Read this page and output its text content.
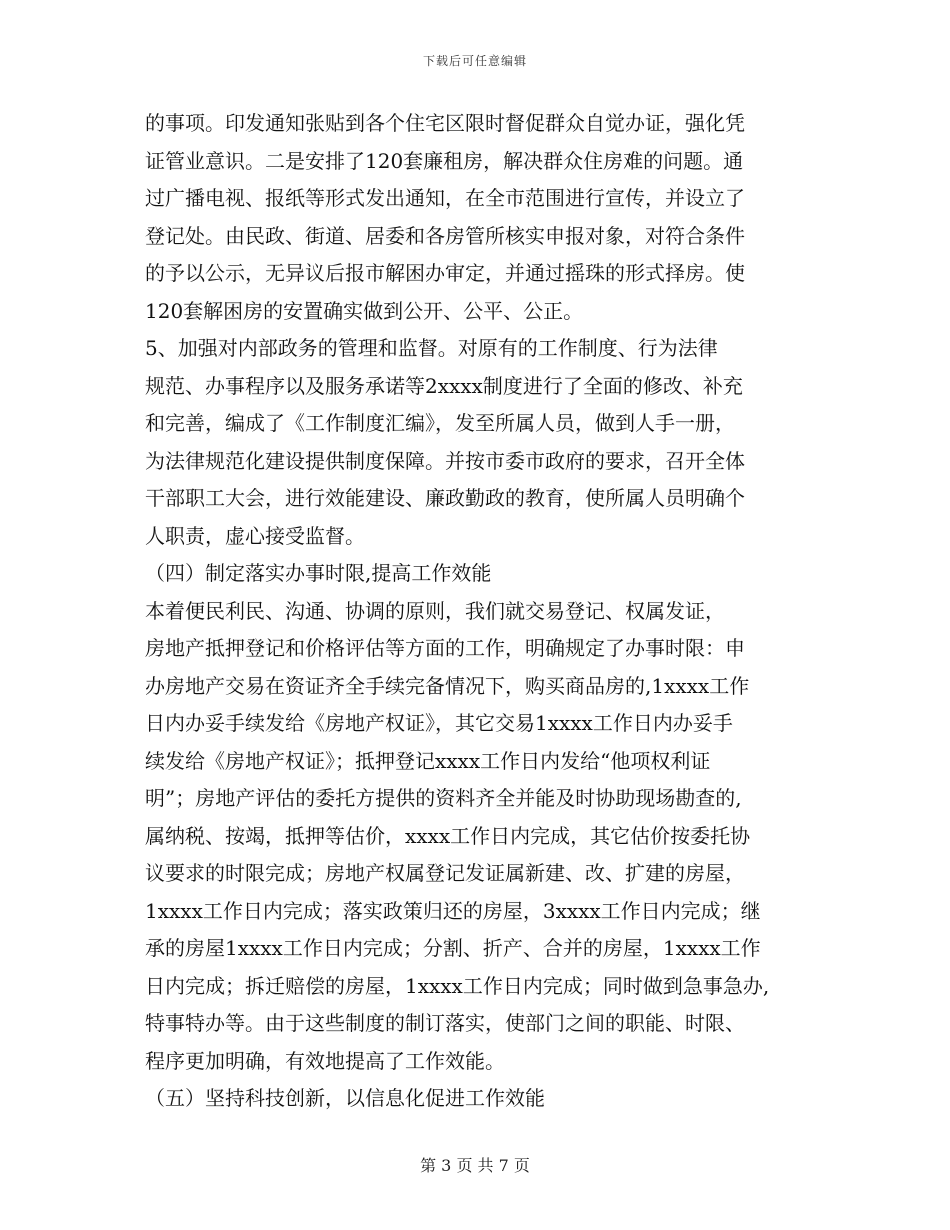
下载后可任意编辑
的事项。印发通知张贴到各个住宅区限时督促群众自觉办证，强化凭
证管业意识。二是安排了120套廉租房，解决群众住房难的问题。通
过广播电视、报纸等形式发出通知，在全市范围进行宣传，并设立了
登记处。由民政、街道、居委和各房管所核实申报对象，对符合条件
的予以公示，无异议后报市解困办审定，并通过摇珠的形式择房。使
120套解困房的安置确实做到公开、公平、公正。
5、加强对内部政务的管理和监督。对原有的工作制度、行为法律
规范、办事程序以及服务承诺等2xxxx制度进行了全面的修改、补充
和完善，编成了《工作制度汇编》，发至所属人员，做到人手一册，
为法律规范化建设提供制度保障。并按市委市政府的要求，召开全体
干部职工大会，进行效能建设、廉政勤政的教育，使所属人员明确个
人职责，虚心接受监督。
（四）制定落实办事时限,提高工作效能
本着便民利民、沟通、协调的原则，我们就交易登记、权属发证，
房地产抵押登记和价格评估等方面的工作，明确规定了办事时限：申
办房地产交易在资证齐全手续完备情况下，购买商品房的,1xxxx工作
日内办妥手续发给《房地产权证》，其它交易1xxxx工作日内办妥手
续发给《房地产权证》；抵押登记xxxx工作日内发给“他项权利证
明”；房地产评估的委托方提供的资料齐全并能及时协助现场勘查的,
属纳税、按竭，抵押等估价，xxxx工作日内完成，其它估价按委托协
议要求的时限完成；房地产权属登记发证属新建、改、扩建的房屋，
1xxxx工作日内完成；落实政策归还的房屋，3xxxx工作日内完成；继
承的房屋1xxxx工作日内完成；分割、折产、合并的房屋，1xxxx工作
日内完成；拆迁赔偿的房屋，1xxxx工作日内完成；同时做到急事急办,
特事特办等。由于这些制度的制订落实，使部门之间的职能、时限、
程序更加明确，有效地提高了工作效能。
（五）坚持科技创新，以信息化促进工作效能
第 3 页 共 7 页
